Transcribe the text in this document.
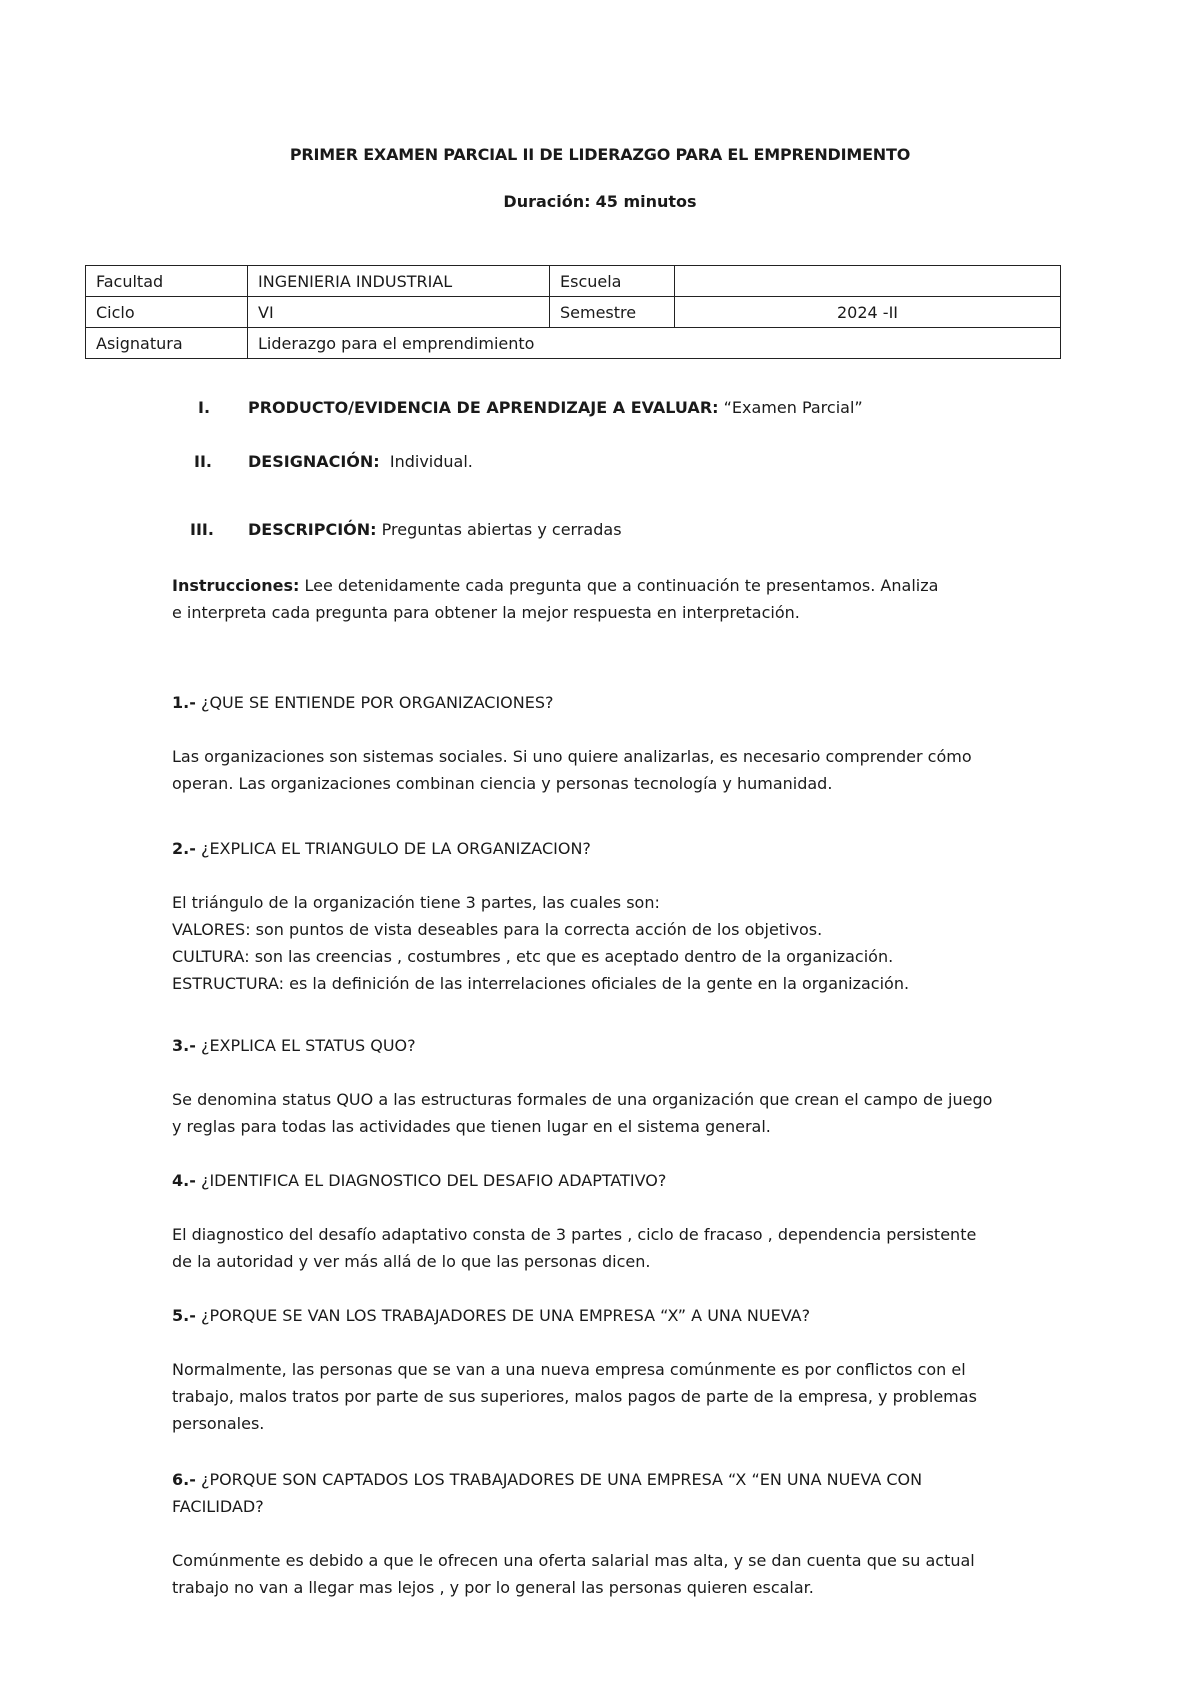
PRIMER EXAMEN PARCIAL II DE LIDERAZGO PARA EL EMPRENDIMENTO
Duración: 45 minutos
Facultad	INGENIERIA INDUSTRIAL	Escuela	
Ciclo	VI	Semestre	2024 -II
Asignatura	Liderazgo para el emprendimiento		
I. PRODUCTO/EVIDENCIA DE APRENDIZAJE A EVALUAR: “Examen Parcial”
II. DESIGNACIÓN:  Individual.
III. DESCRIPCIÓN: Preguntas abiertas y cerradas

Instrucciones: Lee detenidamente cada pregunta que a continuación te presentamos. Analiza

e interpreta cada pregunta para obtener la mejor respuesta en interpretación.

1.- ¿QUE SE ENTIENDE POR ORGANIZACIONES?

Las organizaciones son sistemas sociales. Si uno quiere analizarlas, es necesario comprender cómo

operan. Las organizaciones combinan ciencia y personas tecnología y humanidad.

2.- ¿EXPLICA EL TRIANGULO DE LA ORGANIZACION?

El triángulo de la organización tiene 3 partes, las cuales son:

VALORES: son puntos de vista deseables para la correcta acción de los objetivos.

CULTURA: son las creencias , costumbres , etc que es aceptado dentro de la organización.

ESTRUCTURA: es la definición de las interrelaciones oficiales de la gente en la organización.

3.- ¿EXPLICA EL STATUS QUO?

Se denomina status QUO a las estructuras formales de una organización que crean el campo de juego

y reglas para todas las actividades que tienen lugar en el sistema general.

4.- ¿IDENTIFICA EL DIAGNOSTICO DEL DESAFIO ADAPTATIVO?

El diagnostico del desafío adaptativo consta de 3 partes , ciclo de fracaso , dependencia persistente

de la autoridad y ver más allá de lo que las personas dicen.

5.- ¿PORQUE SE VAN LOS TRABAJADORES DE UNA EMPRESA “X” A UNA NUEVA?

Normalmente, las personas que se van a una nueva empresa comúnmente es por conflictos con el

trabajo, malos tratos por parte de sus superiores, malos pagos de parte de la empresa, y problemas

personales.

6.- ¿PORQUE SON CAPTADOS LOS TRABAJADORES DE UNA EMPRESA “X “EN UNA NUEVA CON

FACILIDAD?

Comúnmente es debido a que le ofrecen una oferta salarial mas alta, y se dan cuenta que su actual

trabajo no van a llegar mas lejos , y por lo general las personas quieren escalar.
